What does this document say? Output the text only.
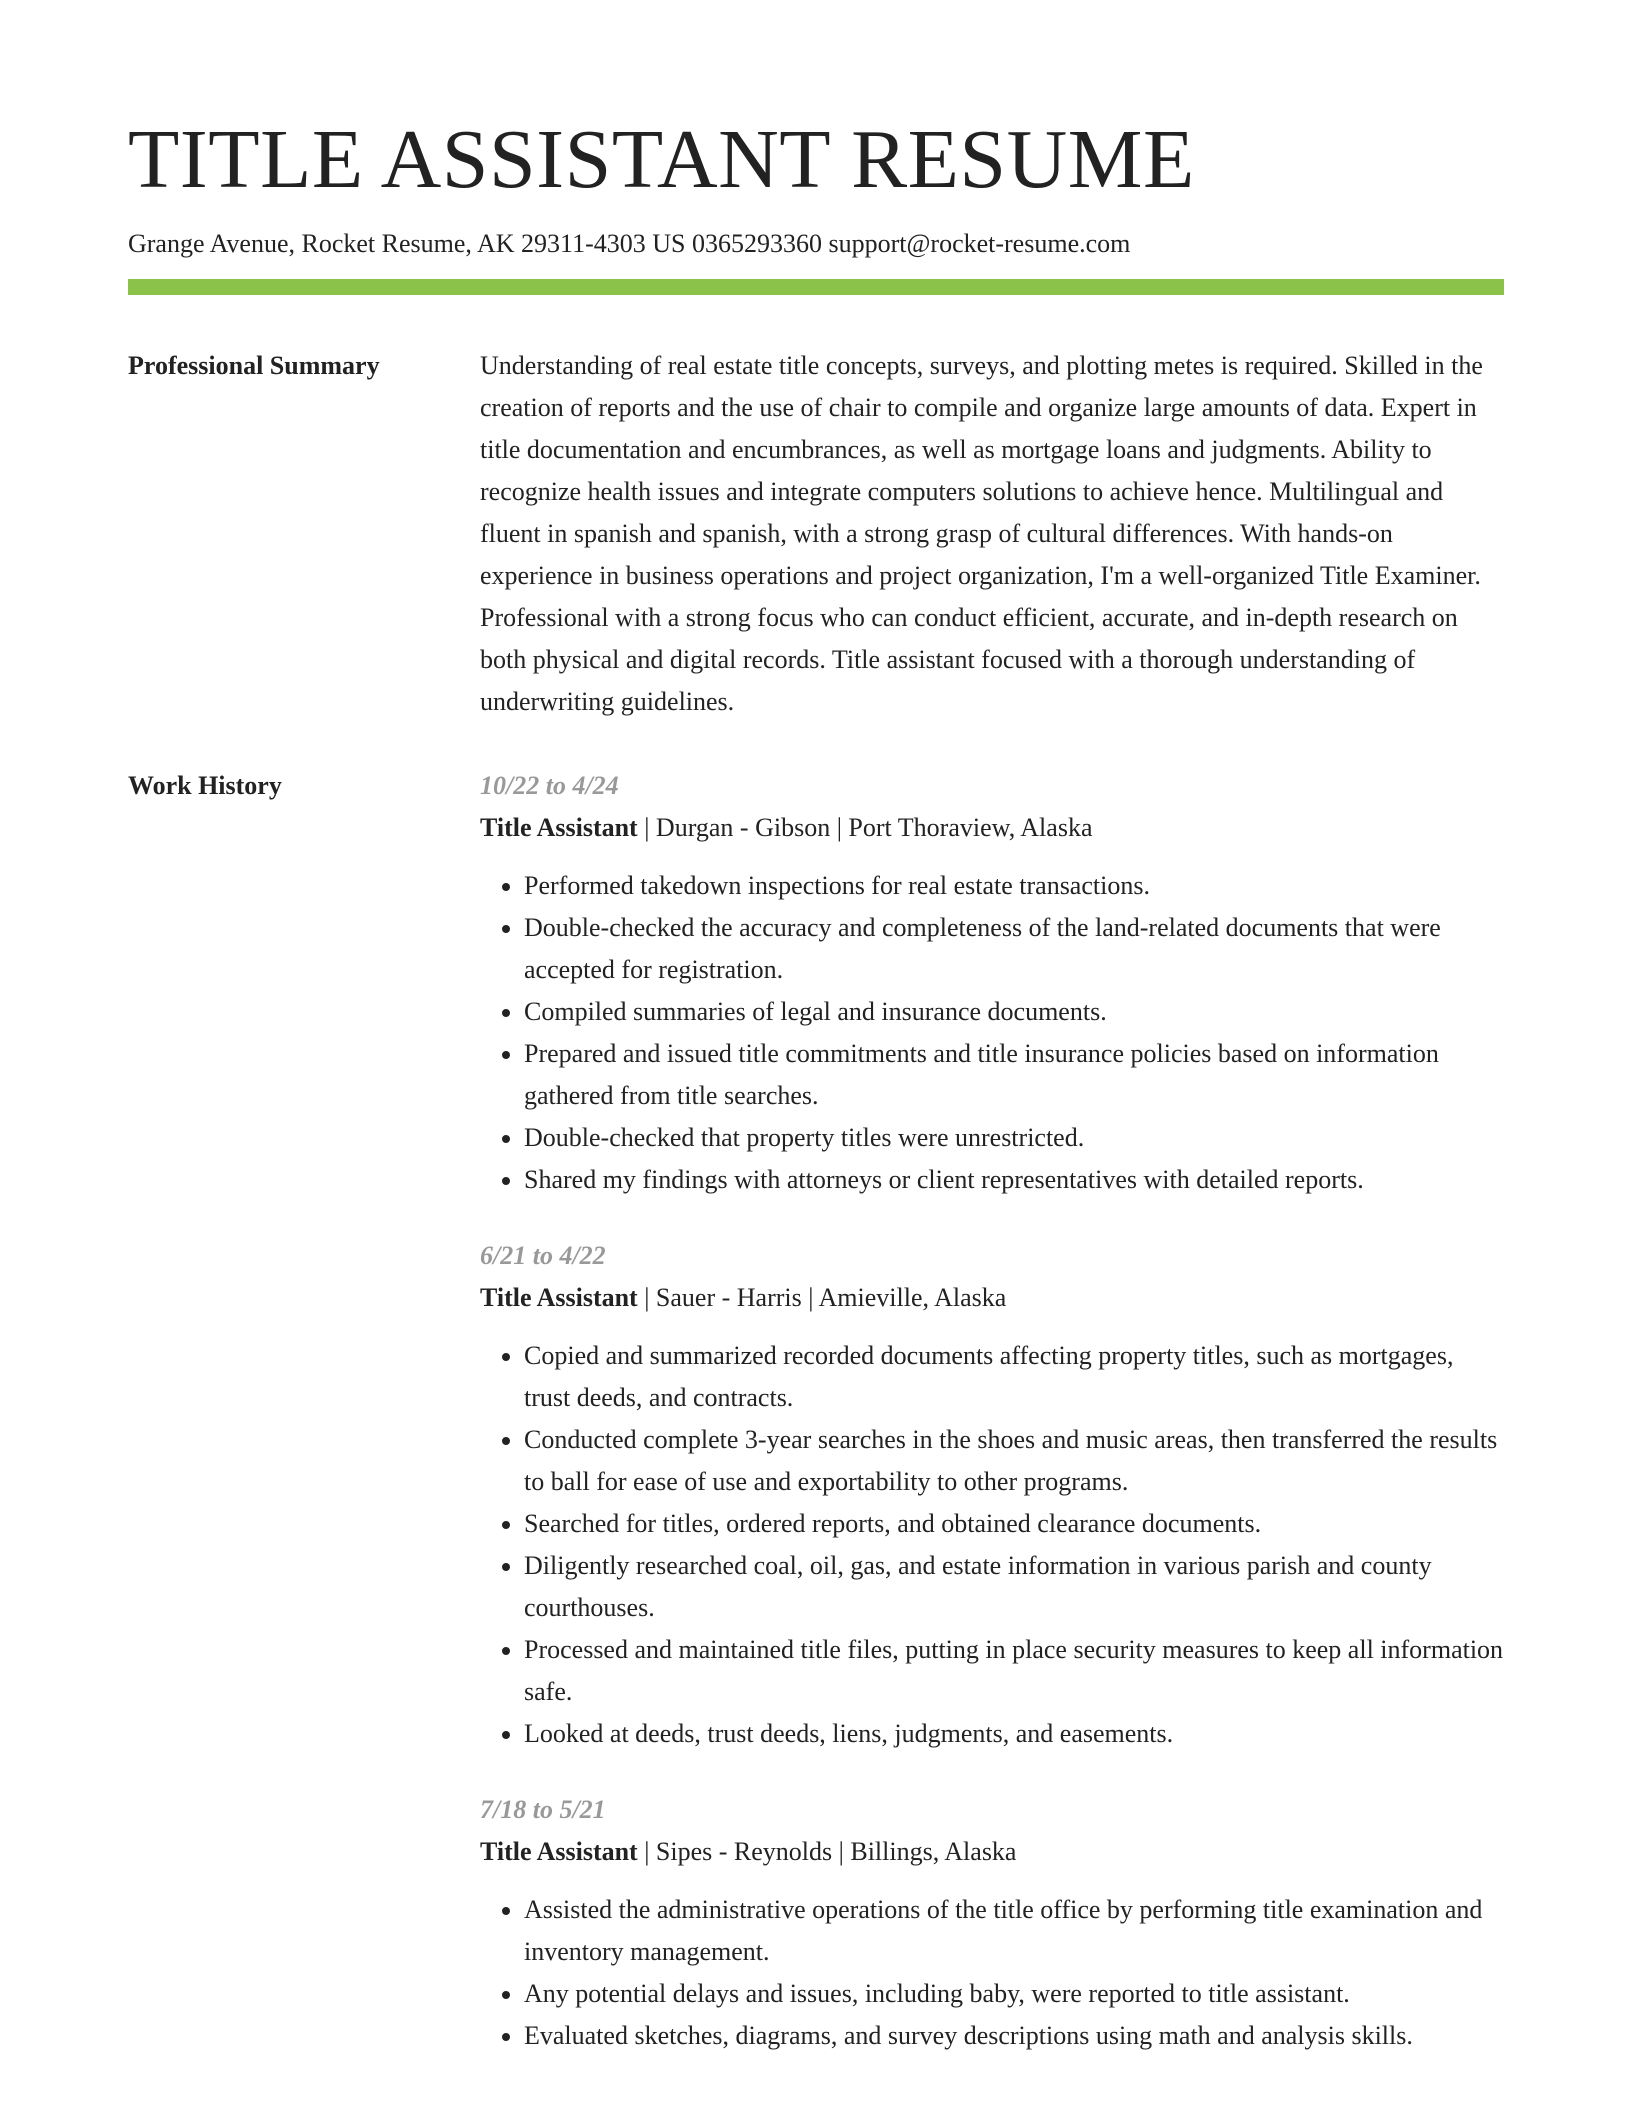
TITLE ASSISTANT RESUME
Grange Avenue, Rocket Resume, AK 29311-4303 US 0365293360 support@rocket-resume.com
Professional Summary	Understanding of real estate title concepts, surveys, and plotting metes is required. Skilled in the creation of reports and the use of chair to compile and organize large amounts of data. Expert in title documentation and encumbrances, as well as mortgage loans and judgments. Ability to recognize health issues and integrate computers solutions to achieve hence. Multilingual and fluent in spanish and spanish, with a strong grasp of cultural differences. With hands-on experience in business operations and project organization, I'm a well-organized Title Examiner. Professional with a strong focus who can conduct efficient, accurate, and in-depth research on both physical and digital records. Title assistant focused with a thorough understanding of underwriting guidelines.

Work History	10/22 to 4/24
Title Assistant | Durgan - Gibson | Port Thoraview, Alaska
• Performed takedown inspections for real estate transactions.
• Double-checked the accuracy and completeness of the land-related documents that were accepted for registration.
• Compiled summaries of legal and insurance documents.
• Prepared and issued title commitments and title insurance policies based on information gathered from title searches.
• Double-checked that property titles were unrestricted.
• Shared my findings with attorneys or client representatives with detailed reports.
6/21 to 4/22
Title Assistant | Sauer - Harris | Amieville, Alaska
• Copied and summarized recorded documents affecting property titles, such as mortgages, trust deeds, and contracts.
• Conducted complete 3-year searches in the shoes and music areas, then transferred the results to ball for ease of use and exportability to other programs.
• Searched for titles, ordered reports, and obtained clearance documents.
• Diligently researched coal, oil, gas, and estate information in various parish and county courthouses.
• Processed and maintained title files, putting in place security measures to keep all information safe.
• Looked at deeds, trust deeds, liens, judgments, and easements.
7/18 to 5/21
Title Assistant | Sipes - Reynolds | Billings, Alaska
• Assisted the administrative operations of the title office by performing title examination and inventory management.
• Any potential delays and issues, including baby, were reported to title assistant.
• Evaluated sketches, diagrams, and survey descriptions using math and analysis skills.
